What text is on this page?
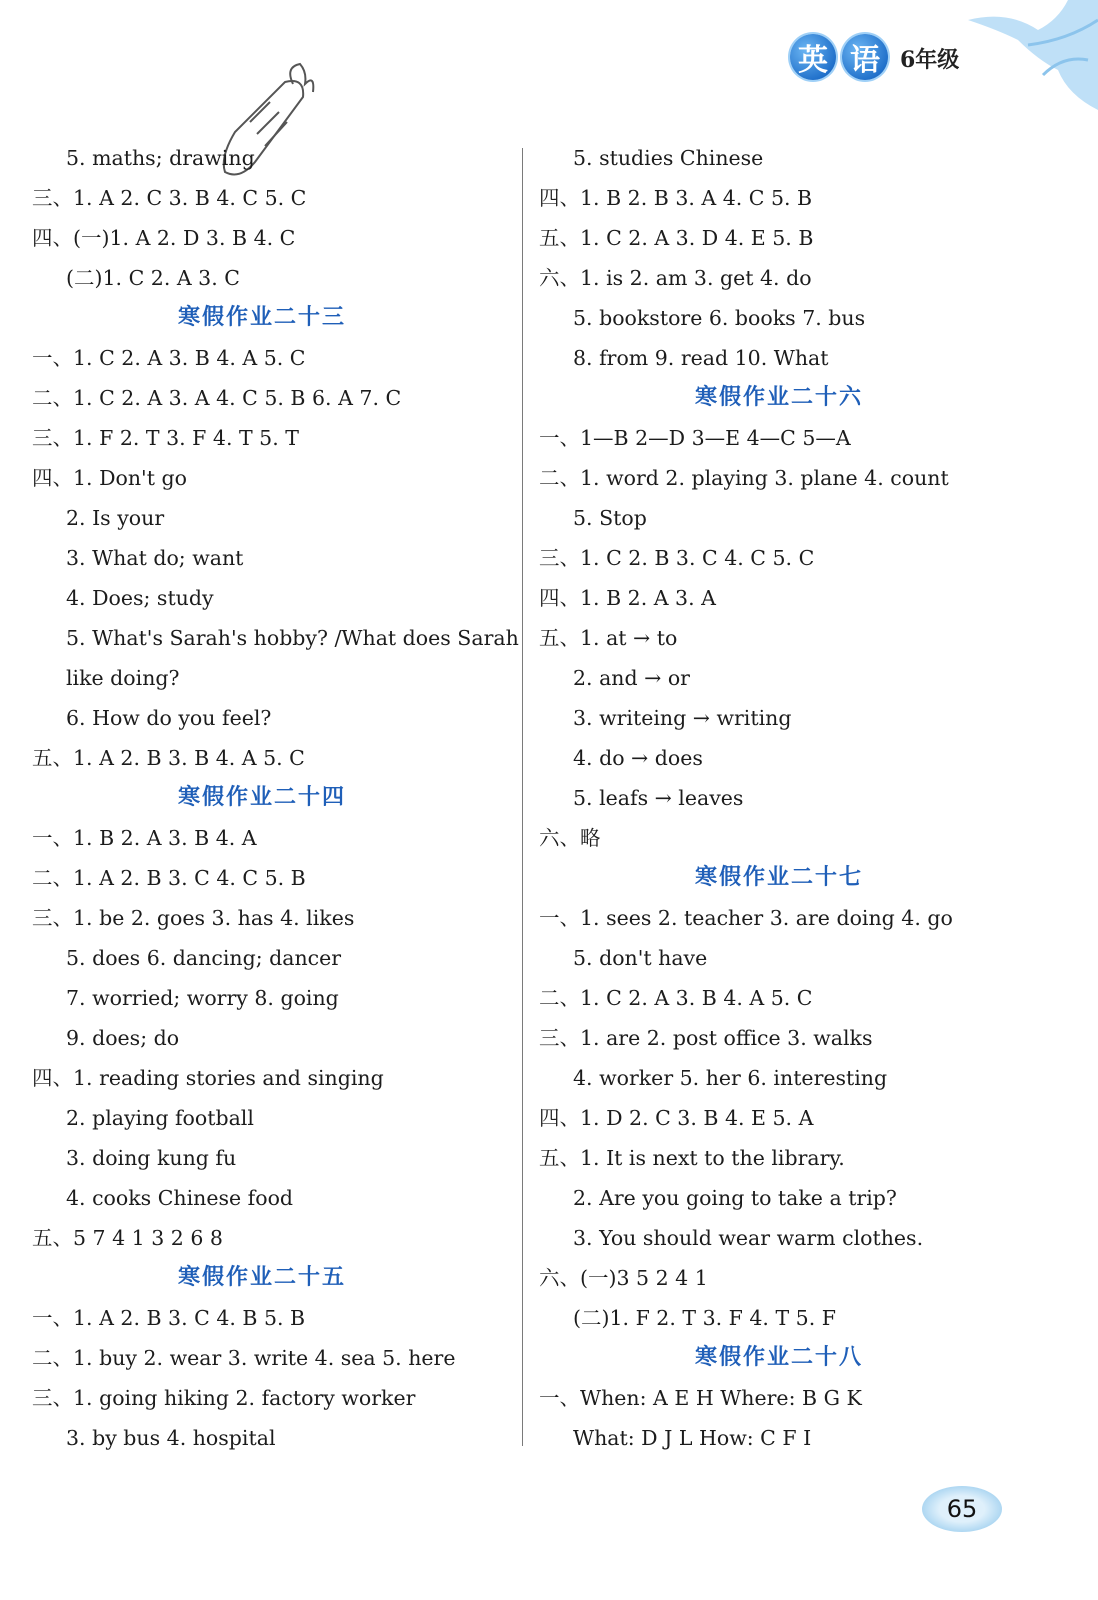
英 语 6年级
5. maths; drawing
三、1. A 2. C 3. B 4. C 5. C
四、(一)1. A 2. D 3. B 4. C
(二)1. C 2. A 3. C
寒假作业二十三
一、1. C 2. A 3. B 4. A 5. C
二、1. C 2. A 3. A 4. C 5. B 6. A 7. C
三、1. F 2. T 3. F 4. T 5. T
四、1. Don't go
2. Is your
3. What do; want
4. Does; study
5. What's Sarah's hobby? /What does Sarah
like doing?
6. How do you feel?
五、1. A 2. B 3. B 4. A 5. C
寒假作业二十四
一、1. B 2. A 3. B 4. A
二、1. A 2. B 3. C 4. C 5. B
三、1. be 2. goes 3. has 4. likes
5. does 6. dancing; dancer
7. worried; worry 8. going
9. does; do
四、1. reading stories and singing
2. playing football
3. doing kung fu
4. cooks Chinese food
五、5 7 4 1 3 2 6 8
寒假作业二十五
一、1. A 2. B 3. C 4. B 5. B
二、1. buy 2. wear 3. write 4. sea 5. here
三、1. going hiking 2. factory worker
3. by bus 4. hospital
5. studies Chinese
四、1. B 2. B 3. A 4. C 5. B
五、1. C 2. A 3. D 4. E 5. B
六、1. is 2. am 3. get 4. do
5. bookstore 6. books 7. bus
8. from 9. read 10. What
寒假作业二十六
一、1—B 2—D 3—E 4—C 5—A
二、1. word 2. playing 3. plane 4. count
5. Stop
三、1. C 2. B 3. C 4. C 5. C
四、1. B 2. A 3. A
五、1. at → to
2. and → or
3. writeing → writing
4. do → does
5. leafs → leaves
六、略
寒假作业二十七
一、1. sees 2. teacher 3. are doing 4. go
5. don't have
二、1. C 2. A 3. B 4. A 5. C
三、1. are 2. post office 3. walks
4. worker 5. her 6. interesting
四、1. D 2. C 3. B 4. E 5. A
五、1. It is next to the library.
2. Are you going to take a trip?
3. You should wear warm clothes.
六、(一)3 5 2 4 1
(二)1. F 2. T 3. F 4. T 5. F
寒假作业二十八
一、When: A E H Where: B G K
What: D J L How: C F I
65
